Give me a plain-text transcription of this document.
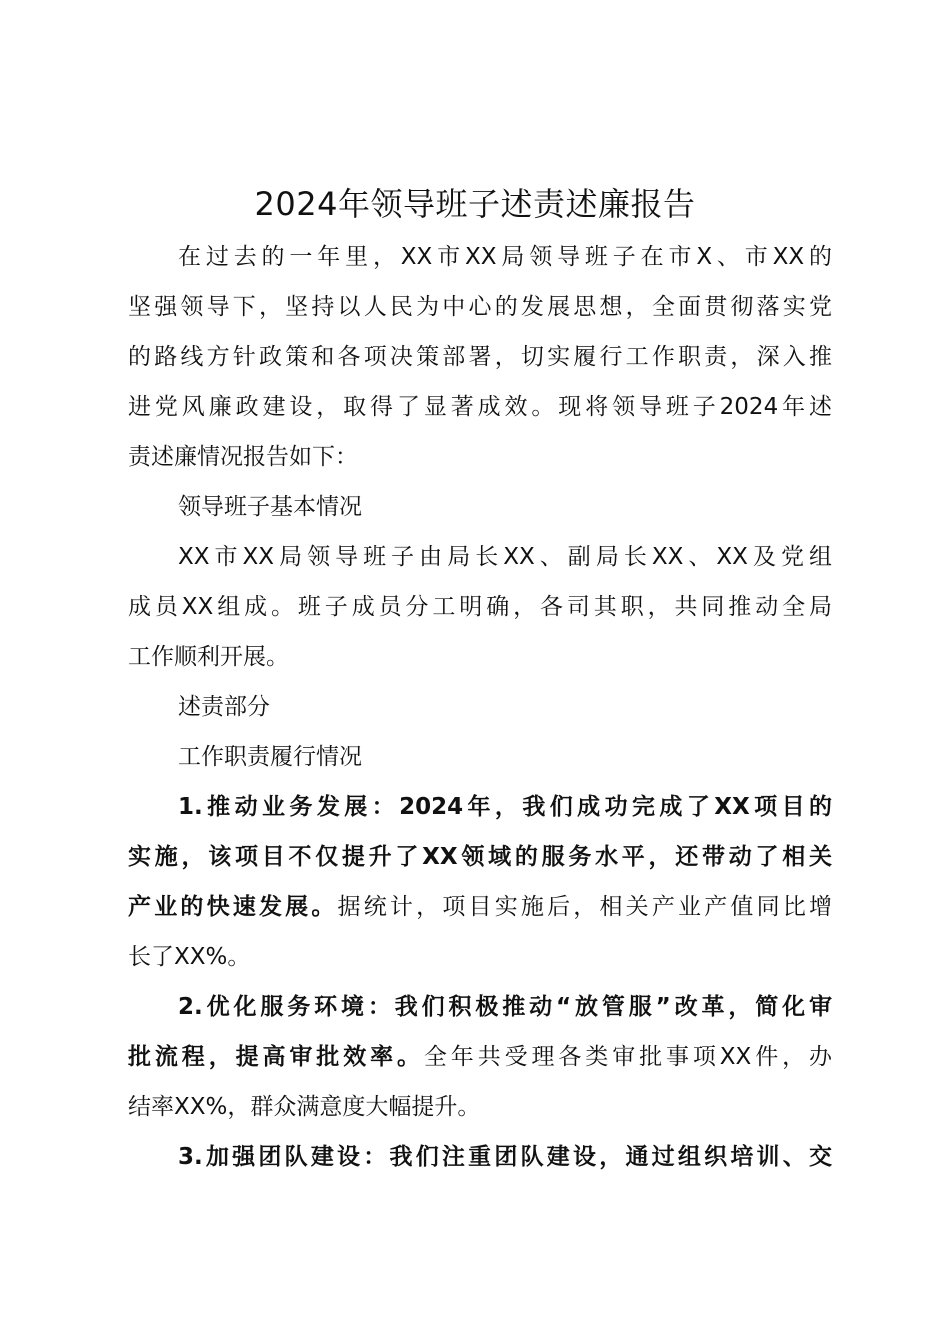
2024年领导班子述责述廉报告
在过去的一年里，XX市XX局领导班子在市X、市XX的
坚强领导下，坚持以人民为中心的发展思想，全面贯彻落实党
的路线方针政策和各项决策部署，切实履行工作职责，深入推
进党风廉政建设，取得了显著成效。现将领导班子2024年述
责述廉情况报告如下：
领导班子基本情况
XX市XX局领导班子由局长XX、副局长XX、XX及党组
成员XX组成。班子成员分工明确，各司其职，共同推动全局
工作顺利开展。
述责部分
工作职责履行情况
1.推动业务发展：2024年，我们成功完成了XX项目的
实施，该项目不仅提升了XX领域的服务水平，还带动了相关
产业的快速发展。据统计，项目实施后，相关产业产值同比增
长了XX%。
2.优化服务环境：我们积极推动“放管服”改革，简化审
批流程，提高审批效率。全年共受理各类审批事项XX件，办
结率XX%，群众满意度大幅提升。
3.加强团队建设：我们注重团队建设，通过组织培训、交
